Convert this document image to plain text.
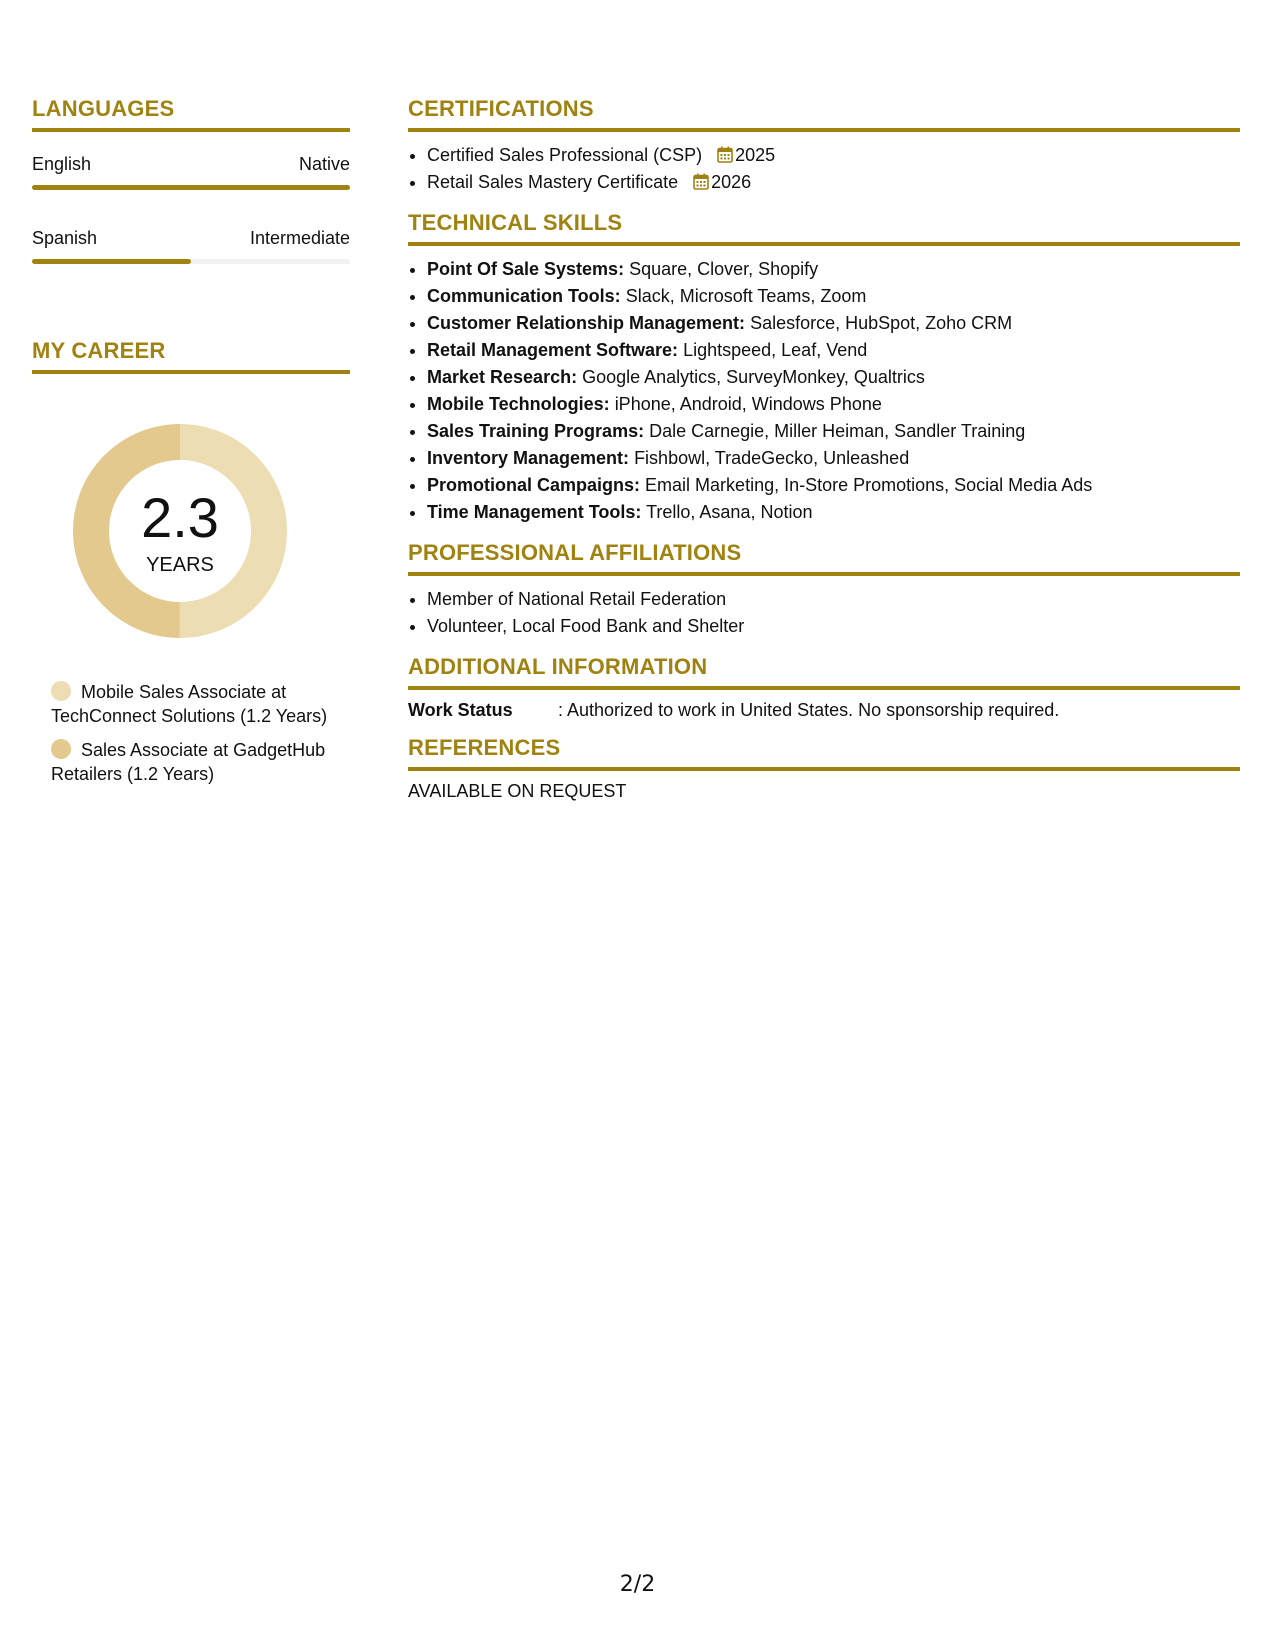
LANGUAGES
English	Native
Spanish	Intermediate
MY CAREER
2.3
YEARS
Mobile Sales Associate at TechConnect Solutions (1.2 Years)
Sales Associate at GadgetHub Retailers (1.2 Years)
CERTIFICATIONS
• Certified Sales Professional (CSP) 2025
• Retail Sales Mastery Certificate 2026
TECHNICAL SKILLS
• Point Of Sale Systems: Square, Clover, Shopify
• Communication Tools: Slack, Microsoft Teams, Zoom
• Customer Relationship Management: Salesforce, HubSpot, Zoho CRM
• Retail Management Software: Lightspeed, Leaf, Vend
• Market Research: Google Analytics, SurveyMonkey, Qualtrics
• Mobile Technologies: iPhone, Android, Windows Phone
• Sales Training Programs: Dale Carnegie, Miller Heiman, Sandler Training
• Inventory Management: Fishbowl, TradeGecko, Unleashed
• Promotional Campaigns: Email Marketing, In-Store Promotions, Social Media Ads
• Time Management Tools: Trello, Asana, Notion
PROFESSIONAL AFFILIATIONS
• Member of National Retail Federation
• Volunteer, Local Food Bank and Shelter
ADDITIONAL INFORMATION
Work Status	: Authorized to work in United States. No sponsorship required.
REFERENCES
AVAILABLE ON REQUEST
2/2
